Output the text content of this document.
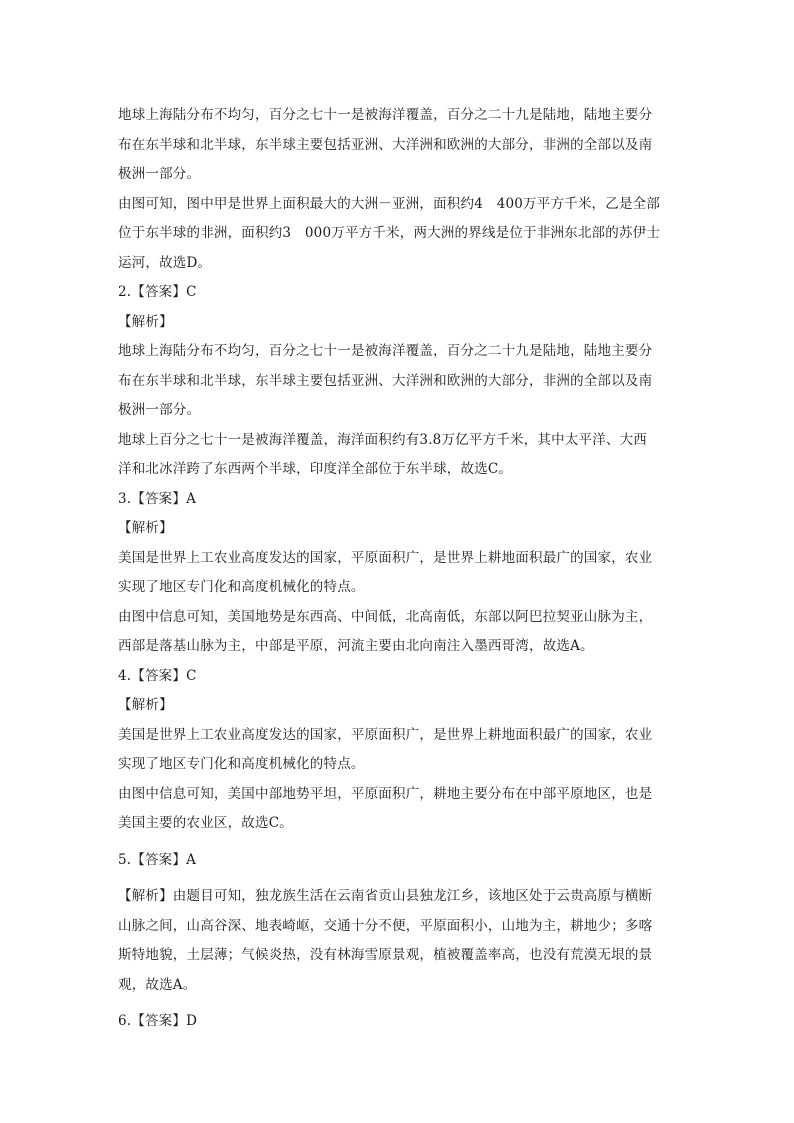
地球上海陆分布不均匀，百分之七十一是被海洋覆盖，百分之二十九是陆地，陆地主要分
布在东半球和北半球，东半球主要包括亚洲、大洋洲和欧洲的大部分，非洲的全部以及南
极洲一部分。
由图可知，图中甲是世界上面积最大的大洲－亚洲，面积约4　400万平方千米，乙是全部
位于东半球的非洲，面积约3　000万平方千米，两大洲的界线是位于非洲东北部的苏伊士
运河，故选D。
2.【答案】C
【解析】
地球上海陆分布不均匀，百分之七十一是被海洋覆盖，百分之二十九是陆地，陆地主要分
布在东半球和北半球，东半球主要包括亚洲、大洋洲和欧洲的大部分，非洲的全部以及南
极洲一部分。
地球上百分之七十一是被海洋覆盖，海洋面积约有3.8万亿平方千米，其中太平洋、大西
洋和北冰洋跨了东西两个半球，印度洋全部位于东半球，故选C。
3.【答案】A
【解析】
美国是世界上工农业高度发达的国家，平原面积广，是世界上耕地面积最广的国家，农业
实现了地区专门化和高度机械化的特点。
由图中信息可知，美国地势是东西高、中间低，北高南低，东部以阿巴拉契亚山脉为主，
西部是落基山脉为主，中部是平原，河流主要由北向南注入墨西哥湾，故选A。
4.【答案】C
【解析】
美国是世界上工农业高度发达的国家，平原面积广，是世界上耕地面积最广的国家，农业
实现了地区专门化和高度机械化的特点。
由图中信息可知，美国中部地势平坦，平原面积广，耕地主要分布在中部平原地区，也是
美国主要的农业区，故选C。
5.【答案】A
【解析】由题目可知，独龙族生活在云南省贡山县独龙江乡，该地区处于云贵高原与横断
山脉之间，山高谷深、地表崎岖，交通十分不便，平原面积小，山地为主，耕地少；多喀
斯特地貌，土层薄；气候炎热，没有林海雪原景观，植被覆盖率高，也没有荒漠无垠的景
观，故选A。
6.【答案】D
